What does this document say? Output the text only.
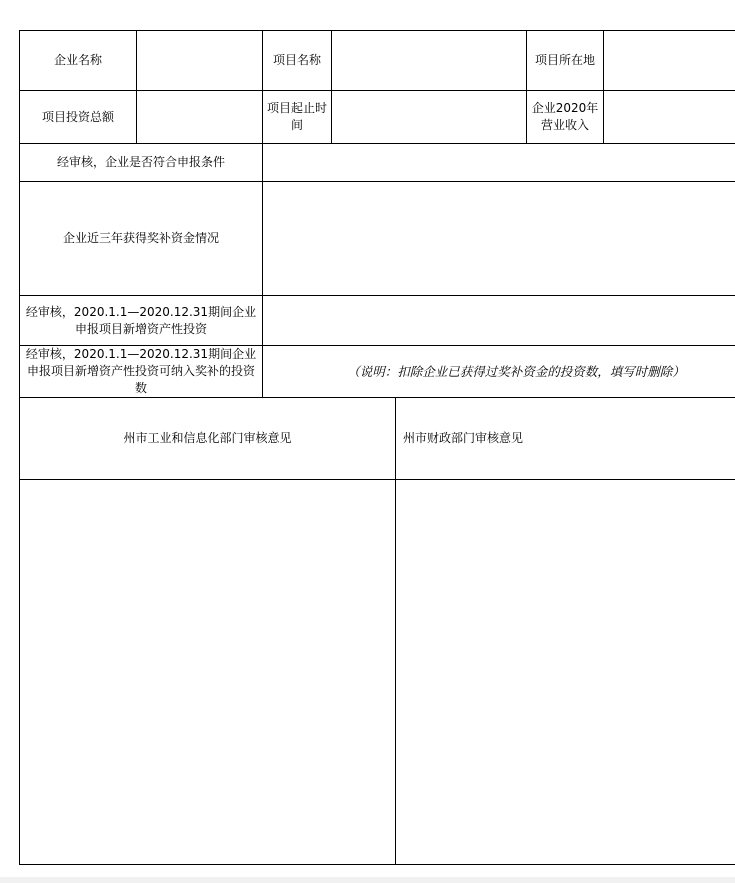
企业名称		项目名称			项目所在地	
项目投资总额		项目起止时间			企业2020年营业收入	
经审核，企业是否符合申报条件						
企业近三年获得奖补资金情况						
经审核，2020.1.1—2020.12.31期间企业申报项目新增资产性投资						
经审核，2020.1.1—2020.12.31期间企业申报项目新增资产性投资可纳入奖补的投资数		（说明：扣除企业已获得过奖补资金的投资数，填写时删除）				
州市工业和信息化部门审核意见				州市财政部门审核意见		
